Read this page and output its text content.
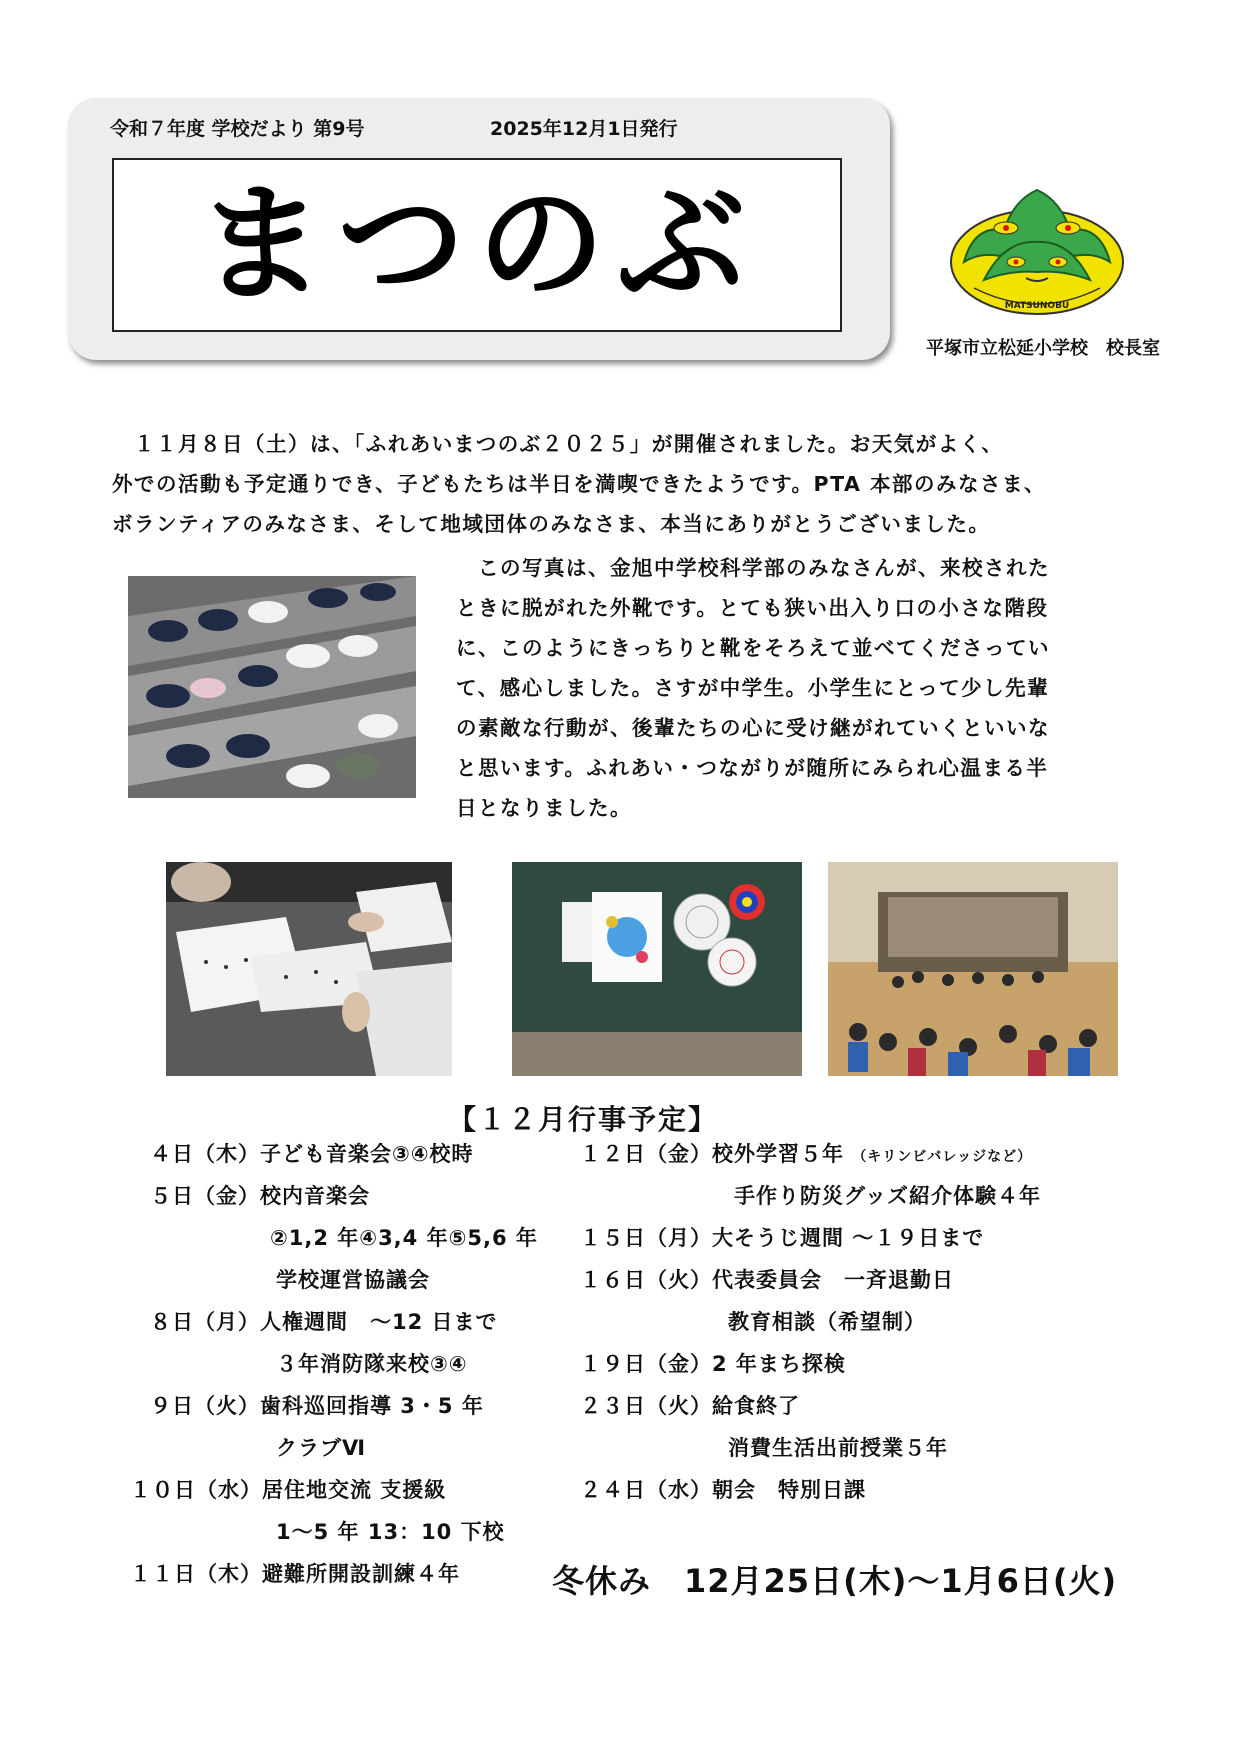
令和７年度 学校だより 第9号	2025年12月1日発行
まつのぶ	MATSUNOBU
平塚市立松延小学校　校長室
　１１月８日（土）は、「ふれあいまつのぶ２０２５」が開催されました。お天気がよく、
外での活動も予定通りでき、子どもたちは半日を満喫できたようです。PTA 本部のみなさま、
ボランティアのみなさま、そして地域団体のみなさま、本当にありがとうございました。
　この写真は、金旭中学校科学部のみなさんが、来校された
ときに脱がれた外靴です。とても狭い出入り口の小さな階段
に、このようにきっちりと靴をそろえて並べてくださってい
て、感心しました。さすが中学生。小学生にとって少し先輩
の素敵な行動が、後輩たちの心に受け継がれていくといいな
と思います。ふれあい・つながりが随所にみられ心温まる半
日となりました。
【１２月行事予定】
４日（木）子ども音楽会③④校時
５日（金）校内音楽会
②1,2 年④3,4 年⑤5,6 年
学校運営協議会
８日（月）人権週間　～12 日まで
３年消防隊来校③④
９日（火）歯科巡回指導 3・5 年
クラブⅥ
１０日（水）居住地交流 支援級
1～5 年 13：10 下校
１１日（木）避難所開設訓練４年
１２日（金）校外学習５年 （キリンビバレッジなど）
手作り防災グッズ紹介体験４年
１５日（月）大そうじ週間 ～１９日まで
１６日（火）代表委員会　一斉退勤日
教育相談（希望制）
１９日（金）2 年まち探検
２３日（火）給食終了
消費生活出前授業５年
２４日（水）朝会　特別日課
冬休み　12月25日(木)～1月6日(火)
